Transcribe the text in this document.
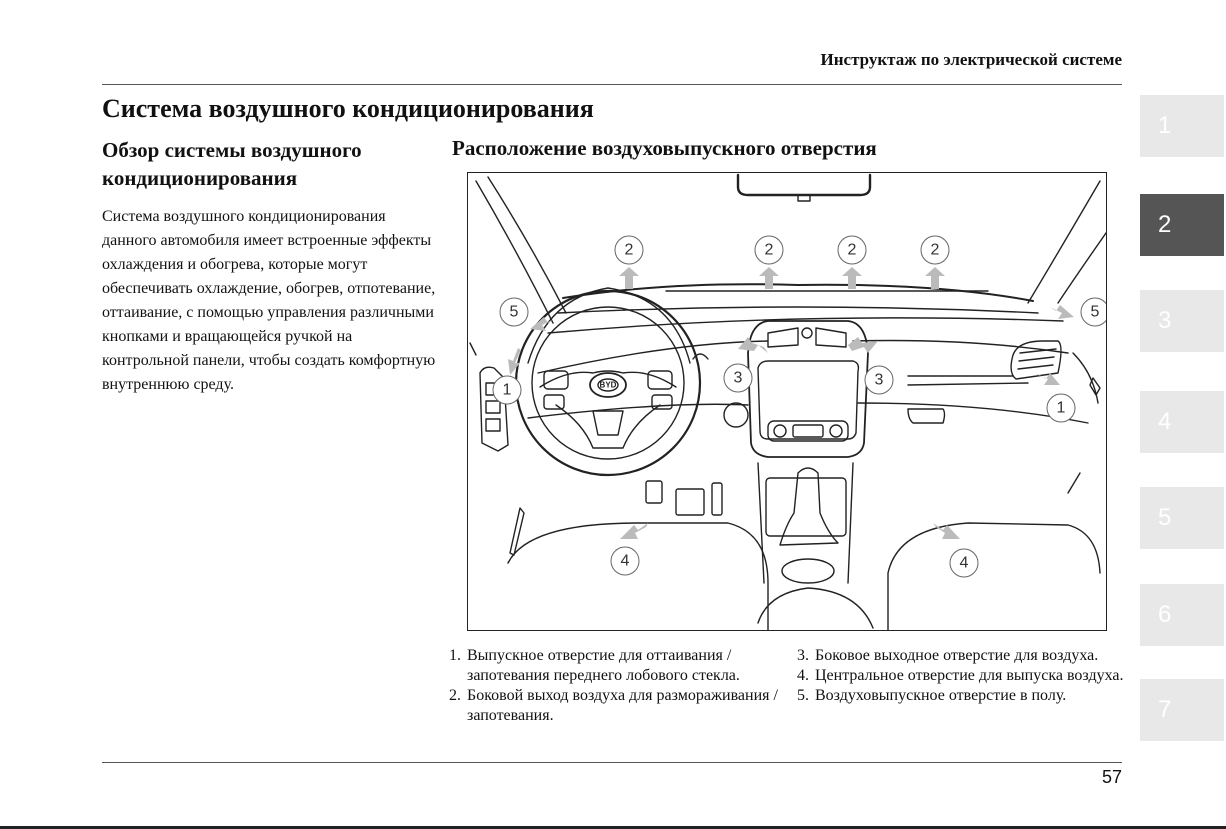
Инструктаж по электрической системе
Система воздушного кондиционирования
Обзор системы воздушного кондиционирования
Система воздушного кондиционирования данного автомобиля имеет встроенные эффекты охлаждения и обогрева, которые могут обеспечивать охлаждение, обогрев, отпотевание, оттаивание, с помощью управления различными кнопками и вращающейся ручкой на контрольной панели, чтобы создать комфортную внутреннюю среду.
Расположение воздуховыпускного отверстия
1
1
2	2	2	2
3	3
4	4
5	5
BYD
1. Выпускное отверстие для оттаивания / запотевания переднего лобового стекла.
2. Боковой выход воздуха для размораживания / запотевания.
3. Боковое выходное отверстие для воздуха.
4. Центральное отверстие для выпуска воздуха.
5. Воздуховыпускное отверстие в полу.
57
1
2
3
4
5
6
7
